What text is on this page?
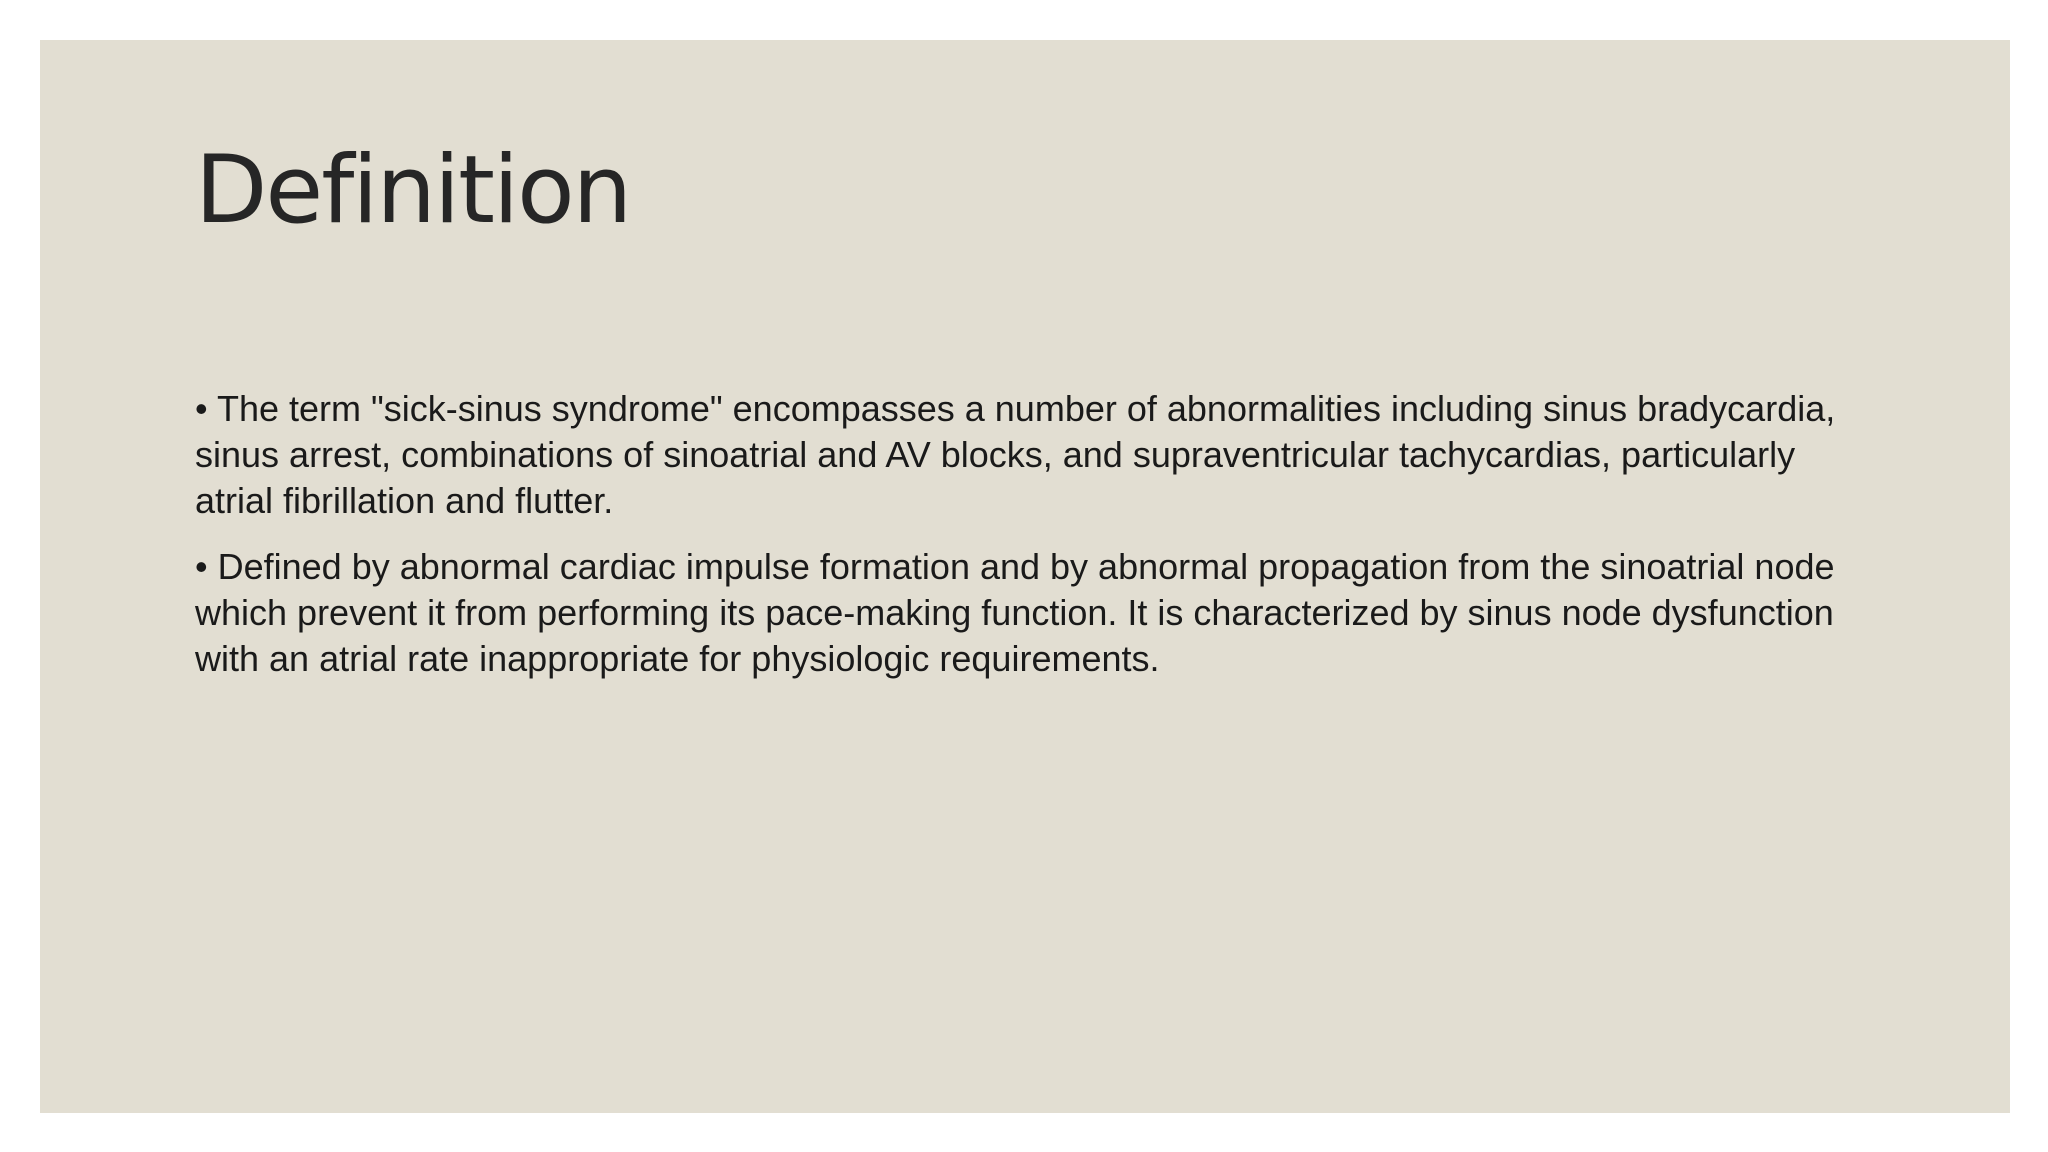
Definition
• The term "sick-sinus syndrome" encompasses a number of abnormalities including sinus bradycardia, sinus arrest, combinations of sinoatrial and AV blocks, and supraventricular tachycardias, particularly atrial fibrillation and flutter.
• Defined by abnormal cardiac impulse formation and by abnormal propagation from the sinoatrial node which prevent it from performing its pace-making function. It is characterized by sinus node dysfunction with an atrial rate inappropriate for physiologic requirements.
